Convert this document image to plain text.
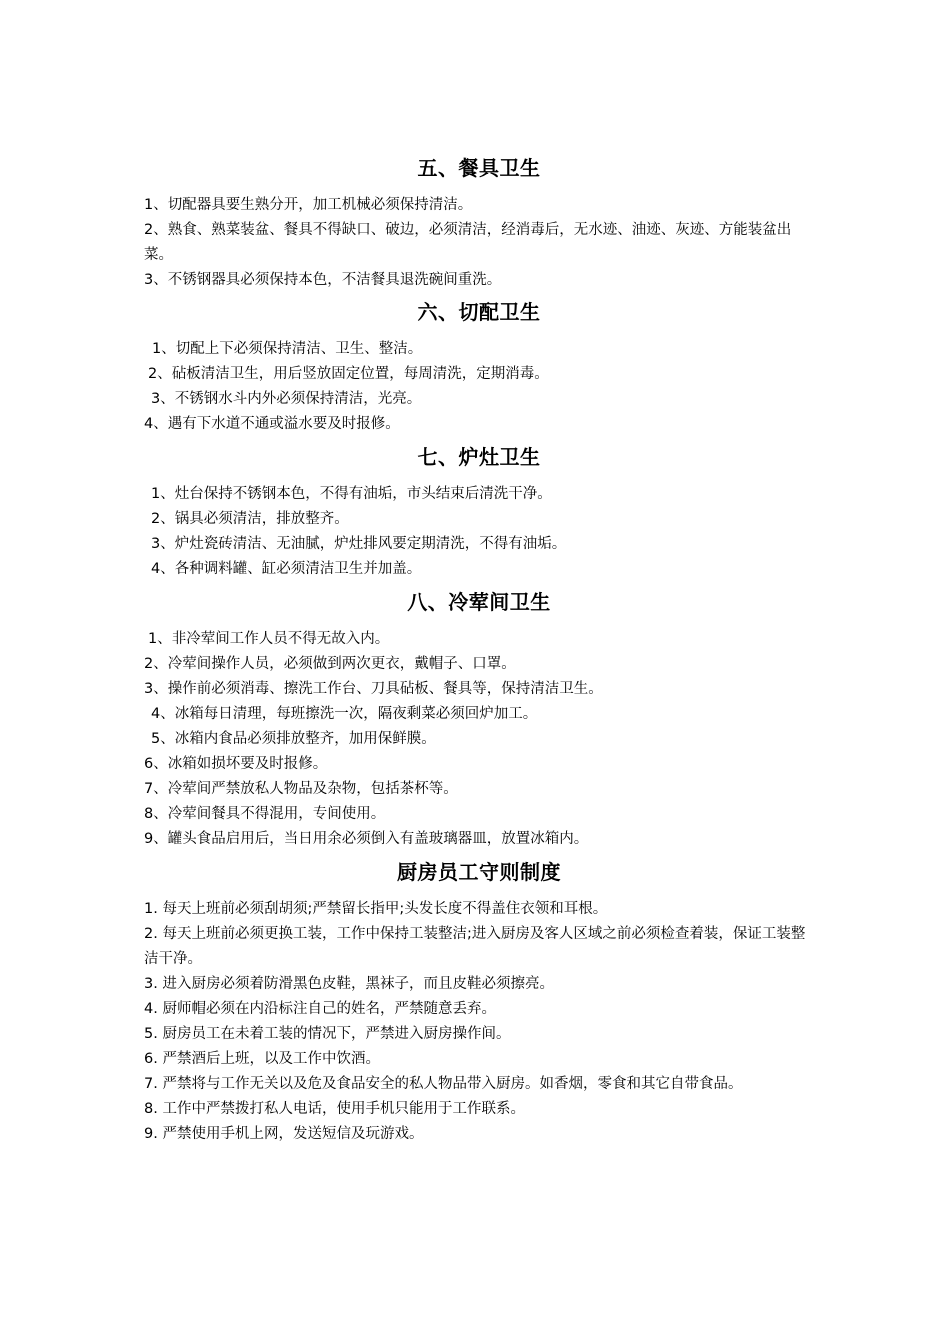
五、餐具卫生

1、切配器具要生熟分开，加工机械必须保持清洁。

2、熟食、熟菜装盆、餐具不得缺口、破边，必须清洁，经消毒后，无水迹、油迹、灰迹、方能装盆出菜。

3、不锈钢器具必须保持本色，不洁餐具退洗碗间重洗。

六、切配卫生

1、切配上下必须保持清洁、卫生、整洁。

2、砧板清洁卫生，用后竖放固定位置，每周清洗，定期消毒。

3、不锈钢水斗内外必须保持清洁，光亮。

4、遇有下水道不通或溢水要及时报修。

七、炉灶卫生

1、灶台保持不锈钢本色，不得有油垢，市头结束后清洗干净。

2、锅具必须清洁，排放整齐。

3、炉灶瓷砖清洁、无油腻，炉灶排风要定期清洗，不得有油垢。

4、各种调料罐、缸必须清洁卫生并加盖。

八、冷荤间卫生

1、非冷荤间工作人员不得无故入内。

2、冷荤间操作人员，必须做到两次更衣，戴帽子、口罩。

3、操作前必须消毒、擦洗工作台、刀具砧板、餐具等，保持清洁卫生。

4、冰箱每日清理，每班擦洗一次，隔夜剩菜必须回炉加工。

5、冰箱内食品必须排放整齐，加用保鲜膜。

6、冰箱如损坏要及时报修。

7、冷荤间严禁放私人物品及杂物，包括茶杯等。

8、冷荤间餐具不得混用，专间使用。

9、罐头食品启用后，当日用余必须倒入有盖玻璃器皿，放置冰箱内。

厨房员工守则制度

1. 每天上班前必须刮胡须;严禁留长指甲;头发长度不得盖住衣领和耳根。

2. 每天上班前必须更换工装，工作中保持工装整洁;进入厨房及客人区域之前必须检查着装，保证工装整洁干净。

3. 进入厨房必须着防滑黑色皮鞋，黑袜子，而且皮鞋必须擦亮。

4. 厨师帽必须在内沿标注自己的姓名，严禁随意丢弃。

5. 厨房员工在未着工装的情况下，严禁进入厨房操作间。

6. 严禁酒后上班，以及工作中饮酒。

7. 严禁将与工作无关以及危及食品安全的私人物品带入厨房。如香烟，零食和其它自带食品。

8. 工作中严禁拨打私人电话，使用手机只能用于工作联系。

9. 严禁使用手机上网，发送短信及玩游戏。
